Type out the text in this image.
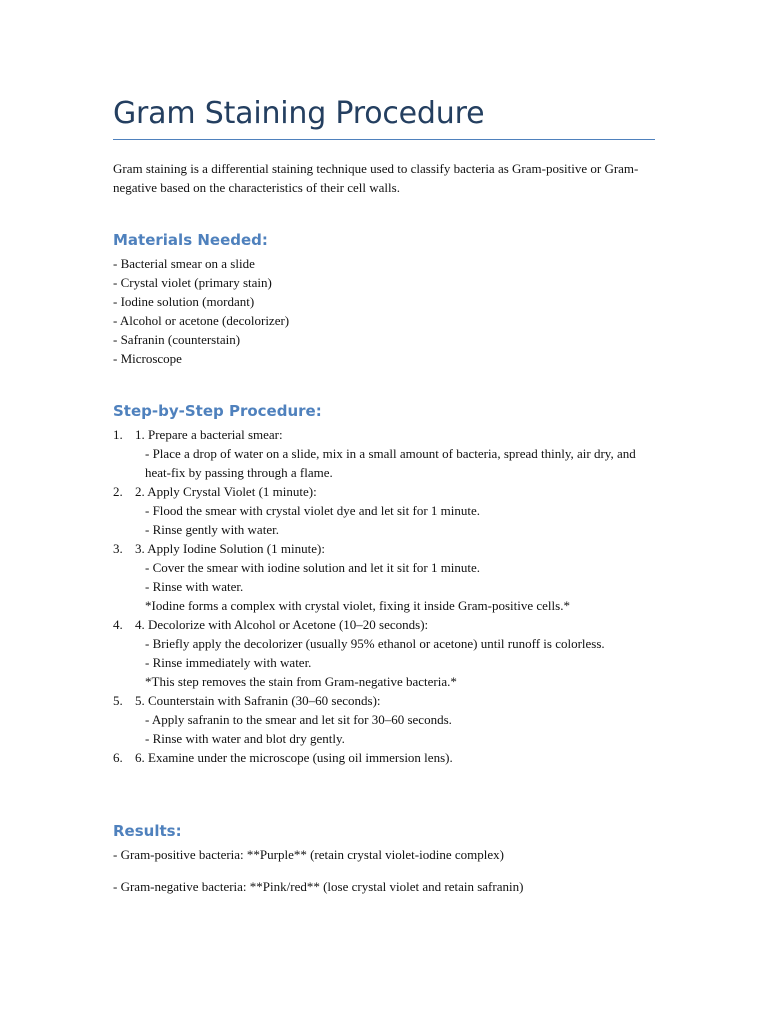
Gram Staining Procedure

Gram staining is a differential staining technique used to classify bacteria as Gram-positive or Gram-negative based on the characteristics of their cell walls.

Materials Needed:
- Bacterial smear on a slide
- Crystal violet (primary stain)
- Iodine solution (mordant)
- Alcohol or acetone (decolorizer)
- Safranin (counterstain)
- Microscope
Step-by-Step Procedure:
1. 1. Prepare a bacterial smear:
- Place a drop of water on a slide, mix in a small amount of bacteria, spread thinly, air dry, and heat-fix by passing through a flame.
2. 2. Apply Crystal Violet (1 minute):
- Flood the smear with crystal violet dye and let sit for 1 minute.
- Rinse gently with water.
3. 3. Apply Iodine Solution (1 minute):
- Cover the smear with iodine solution and let it sit for 1 minute.
- Rinse with water.
*Iodine forms a complex with crystal violet, fixing it inside Gram-positive cells.*
4. 4. Decolorize with Alcohol or Acetone (10–20 seconds):
- Briefly apply the decolorizer (usually 95% ethanol or acetone) until runoff is colorless.
- Rinse immediately with water.
*This step removes the stain from Gram-negative bacteria.*
5. 5. Counterstain with Safranin (30–60 seconds):
- Apply safranin to the smear and let sit for 30–60 seconds.
- Rinse with water and blot dry gently.
6. 6. Examine under the microscope (using oil immersion lens).
Results:

- Gram-positive bacteria: **Purple** (retain crystal violet-iodine complex)

- Gram-negative bacteria: **Pink/red** (lose crystal violet and retain safranin)
